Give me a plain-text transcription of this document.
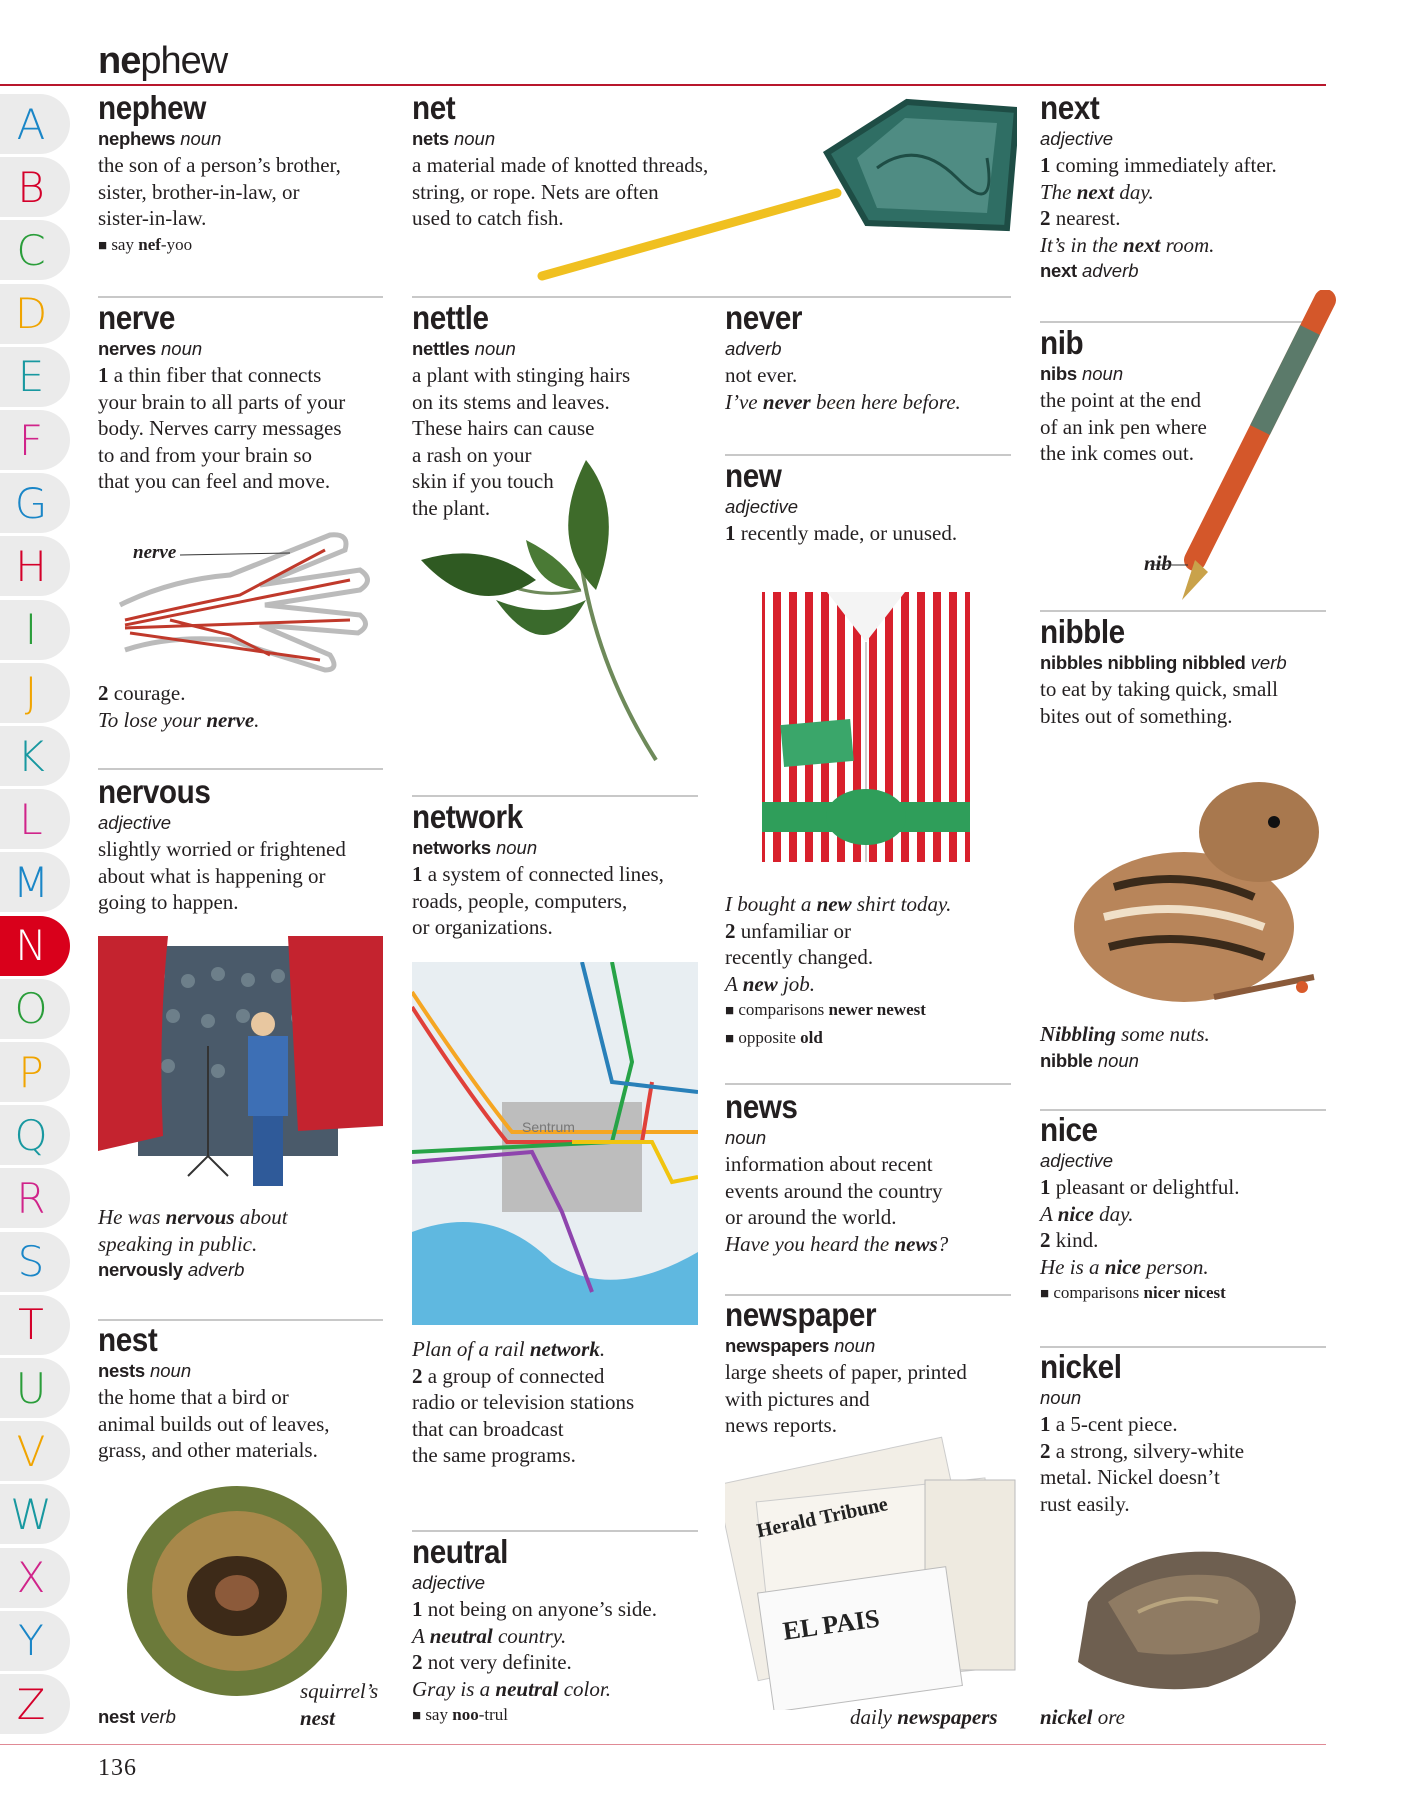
nephew
A
B
C
D
E
F
G
H
I
J
K
L
M
N
O
P
Q
R
S
T
U
V
W
X
Y
Z
nephew
nephews noun
the son of a person’s brother,
sister, brother-in-law, or
sister-in-law.
■ say nef-yoo
nerve
nerves noun
1 a thin fiber that connects
your brain to all parts of your
body. Nerves carry messages
to and from your brain so
that you can feel and move.
2 courage.
To lose your nerve.
nervous
adjective
slightly worried or frightened
about what is happening or
going to happen.
He was nervous about
speaking in public.
nervously adverb
nest
nests noun
the home that a bird or
animal builds out of leaves,
grass, and other materials.
nest verb
squirrel’s
nest
net
nets noun
a material made of knotted threads,
string, or rope. Nets are often
used to catch fish.
nettle
nettles noun
a plant with stinging hairs
on its stems and leaves.
These hairs can cause
a rash on your
skin if you touch
the plant.
network
networks noun
1 a system of connected lines,
roads, people, computers,
or organizations.
Plan of a rail network.
2 a group of connected
radio or television stations
that can broadcast
the same programs.
neutral
adjective
1 not being on anyone’s side.
A neutral country.
2 not very definite.
Gray is a neutral color.
■ say noo-trul
never
adverb
not ever.
I’ve never been here before.
new
adjective
1 recently made, or unused.
I bought a new shirt today.
2 unfamiliar or
recently changed.
A new job.
■ comparisons newer newest
■ opposite old
news
noun
information about recent
events around the country
or around the world.
Have you heard the news?
newspaper
newspapers noun
large sheets of paper, printed
with pictures and
news reports.
daily newspapers
next
adjective
1 coming immediately after.
The next day.
2 nearest.
It’s in the next room.
next adverb
nib
nibs noun
the point at the end
of an ink pen where
the ink comes out.
nib
nibble
nibbles nibbling nibbled verb
to eat by taking quick, small
bites out of something.
Nibbling some nuts.
nibble noun
nice
adjective
1 pleasant or delightful.
A nice day.
2 kind.
He is a nice person.
■ comparisons nicer nicest
nickel
noun
1 a 5-cent piece.
2 a strong, silvery-white
metal. Nickel doesn’t
rust easily.
nickel ore
nerve
Sentrum
EL PAIS
Herald Tribune
136
